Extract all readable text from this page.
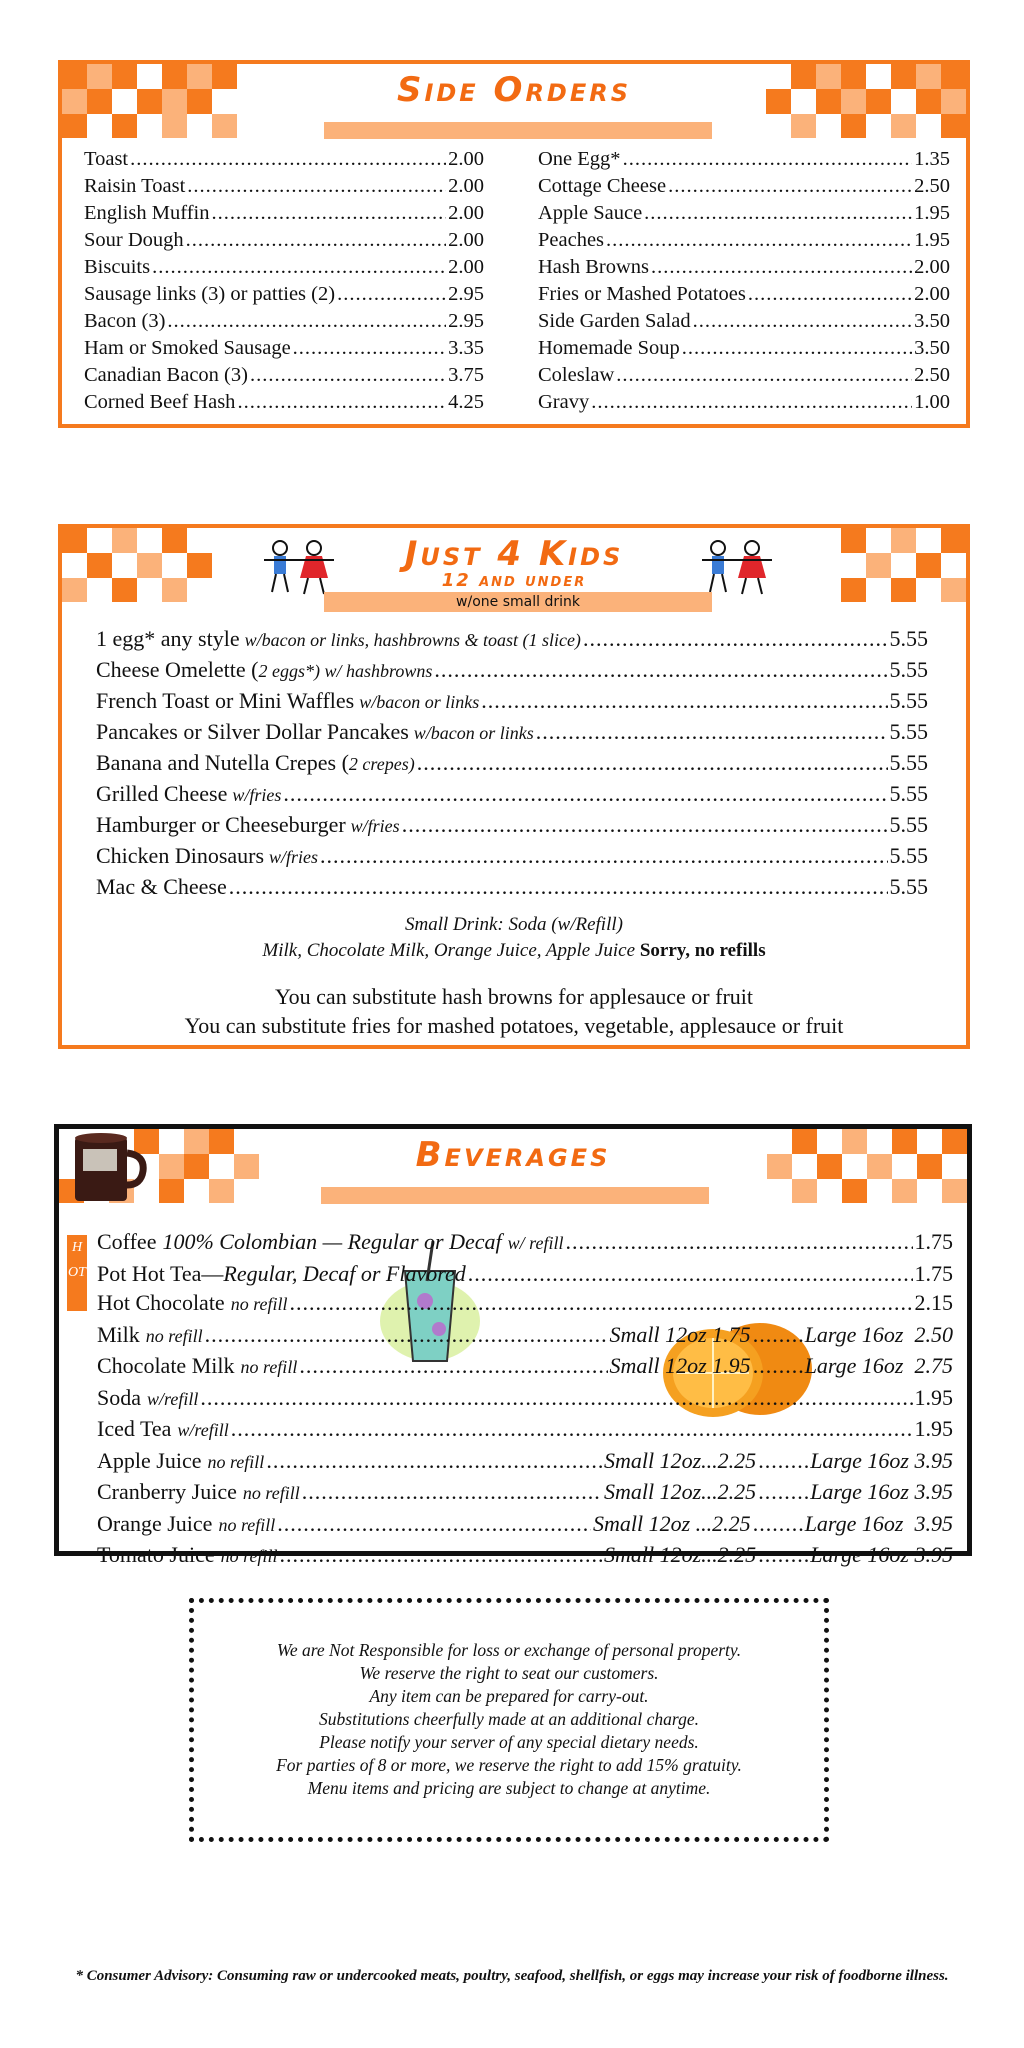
Side Orders
Toast .....	2.00
Raisin Toast .....	2.00
English Muffin .....	2.00
Sour Dough .....	2.00
Biscuits .....	2.00
Sausage links (3) or patties (2) .....	2.95
Bacon (3) .....	2.95
Ham or Smoked Sausage .....	3.35
Canadian Bacon (3) .....	3.75
Corned Beef Hash .....	4.25
One Egg* .....	1.35
Cottage Cheese .....	2.50
Apple Sauce .....	1.95
Peaches .....	1.95
Hash Browns .....	2.00
Fries or Mashed Potatoes .....	2.00
Side Garden Salad .....	3.50
Homemade Soup .....	3.50
Coleslaw .....	2.50
Gravy .....	1.00
Just 4 Kids
12 and under
w/one small drink
1 egg* any style w/bacon or links, hashbrowns & toast (1 slice) .....	5.55
Cheese Omelette ( 2 eggs*) w/ hashbrowns .....	5.55
French Toast or Mini Waffles w/bacon or links .....	5.55
Pancakes or Silver Dollar Pancakes w/bacon or links .....	5.55
Banana and Nutella Crepes ( 2 crepes) .....	5.55
Grilled Cheese w/fries .....	5.55
Hamburger or Cheeseburger w/fries .....	5.55
Chicken Dinosaurs w/fries .....	5.55
Mac & Cheese .....	5.55
Small Drink: Soda (w/Refill)
Milk, Chocolate Milk, Orange Juice, Apple Juice Sorry, no refills
You can substitute hash browns for applesauce or fruit
You can substitute fries for mashed potatoes, vegetable, applesauce or fruit
Beverages
HOT
Coffee 100% Colombian — Regular or Decaf w/ refill .....	1.75
Pot Hot Tea— Regular, Decaf or Flavored .....	1.75
Hot Chocolate no refill .....	2.15
Milk no refill .....	Small 12oz 1.75 ..... Large 16oz  2.50
Chocolate Milk no refill .....	Small 12oz 1.95 ..... Large 16oz  2.75
Soda w/refill .....	1.95
Iced Tea w/refill .....	1.95
Apple Juice no refill .....	Small 12oz...2.25 ..... Large 16oz 3.95
Cranberry Juice no refill .....	Small 12oz...2.25 ..... Large 16oz 3.95
Orange Juice no refill .....	Small 12oz ...2.25 ..... Large 16oz  3.95
Tomato Juice no refill .....	Small 12oz...2.25 ..... Large 16oz 3.95
We are Not Responsible for loss or exchange of personal property.
We reserve the right to seat our customers.
Any item can be prepared for carry-out.
Substitutions cheerfully made at an additional charge.
Please notify your server of any special dietary needs.
For parties of 8 or more, we reserve the right to add 15% gratuity.
Menu items and pricing are subject to change at anytime.
* Consumer Advisory: Consuming raw or undercooked meats, poultry, seafood, shellfish, or eggs may increase your risk of foodborne illness.
